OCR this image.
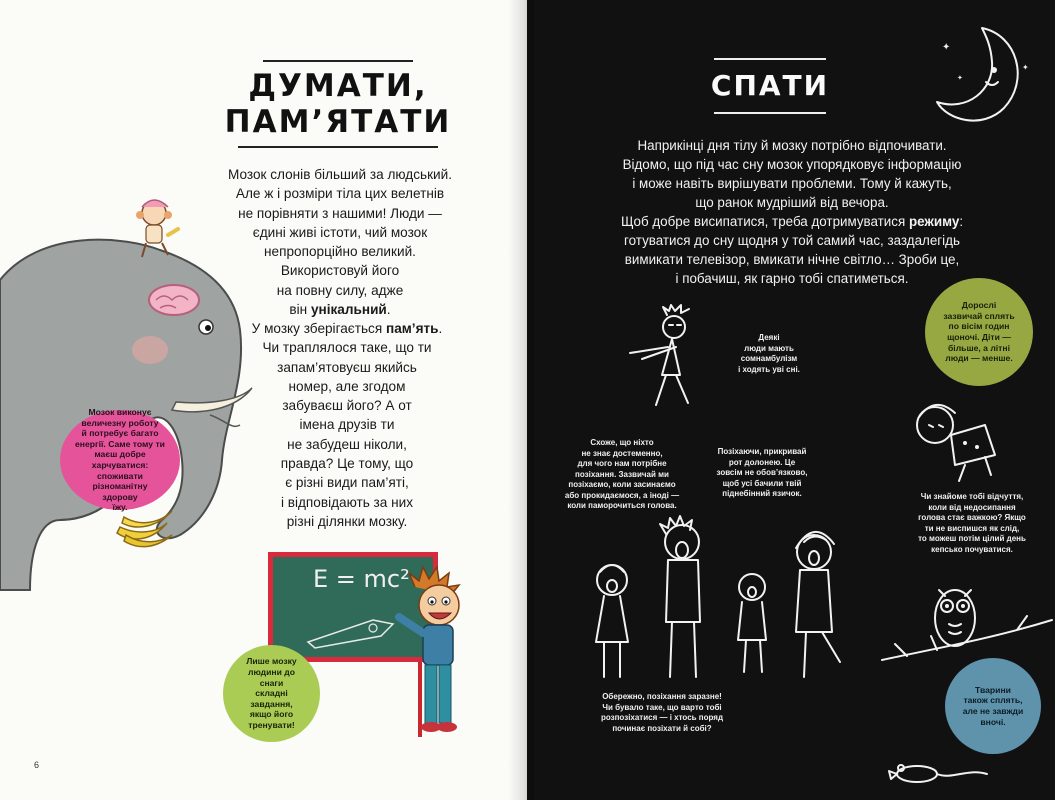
ДУМАТИ,
ПАМ’ЯТАТИ

Мозок слонів більший за людський.

Але ж і розміри тіла цих велетнів

не порівняти з нашими! Люди —

єдині живі істоти, чий мозок

непропорційно великий.

Використовуй його

на повну силу, адже

він унікальний.

У мозку зберігається пам’ять.

Чи траплялося таке, що ти

запам’ятовуєш якийсь

номер, але згодом

забуваєш його? А от

імена друзів ти

не забудеш ніколи,

правда? Це тому, що

є різні види пам’яті,

і відповідають за них

різні ділянки мозку.

Мозок виконує
величезну роботу
й потребує багато
енергії. Саме тому ти
маєш добре харчуватися:
споживати різноманітну
здорову
їжу.
E = mc²
Лише мозку
людини до снаги
складні завдання,
якщо його
тренувати!
6
СПАТИ
✦
✦
✦

Наприкінці дня тілу й мозку потрібно відпочивати.

Відомо, що під час сну мозок упорядковує інформацію

і може навіть вирішувати проблеми. Тому й кажуть,

що ранок мудріший від вечора.

Щоб добре висипатися, треба дотримуватися режиму:

готуватися до сну щодня у той самий час, заздалегідь

вимикати телевізор, вмикати нічне світло… Зроби це,

і побачиш, як гарно тобі спатиметься.

Дорослі
зазвичай сплять
по вісім годин
щоночі. Діти —
більше, а літні
люди — менше.
Деякі
люди мають
сомнамбулізм
і ходять уві сні.
Схоже, що ніхто
не знає достеменно,
для чого нам потрібне
позіхання. Зазвичай ми
позіхаємо, коли засинаємо
або прокидаємося, а іноді —
коли паморочиться голова.
Позіхаючи, прикривай
рот долонею. Це
зовсім не обов’язково,
щоб усі бачили твій
піднебінний язичок.	Чи знайоме тобі відчуття,
коли від недосипання
голова стає важкою? Якщо
ти не виспишся як слід,
то можеш потім цілий день
кепсько почуватися.
Обережно, позіхання заразне!
Чи бувало таке, що варто тобі
розпозіхатися — і хтось поряд
починає позіхати й собі?
Тварини
також сплять,
але не завжди
вночі.
